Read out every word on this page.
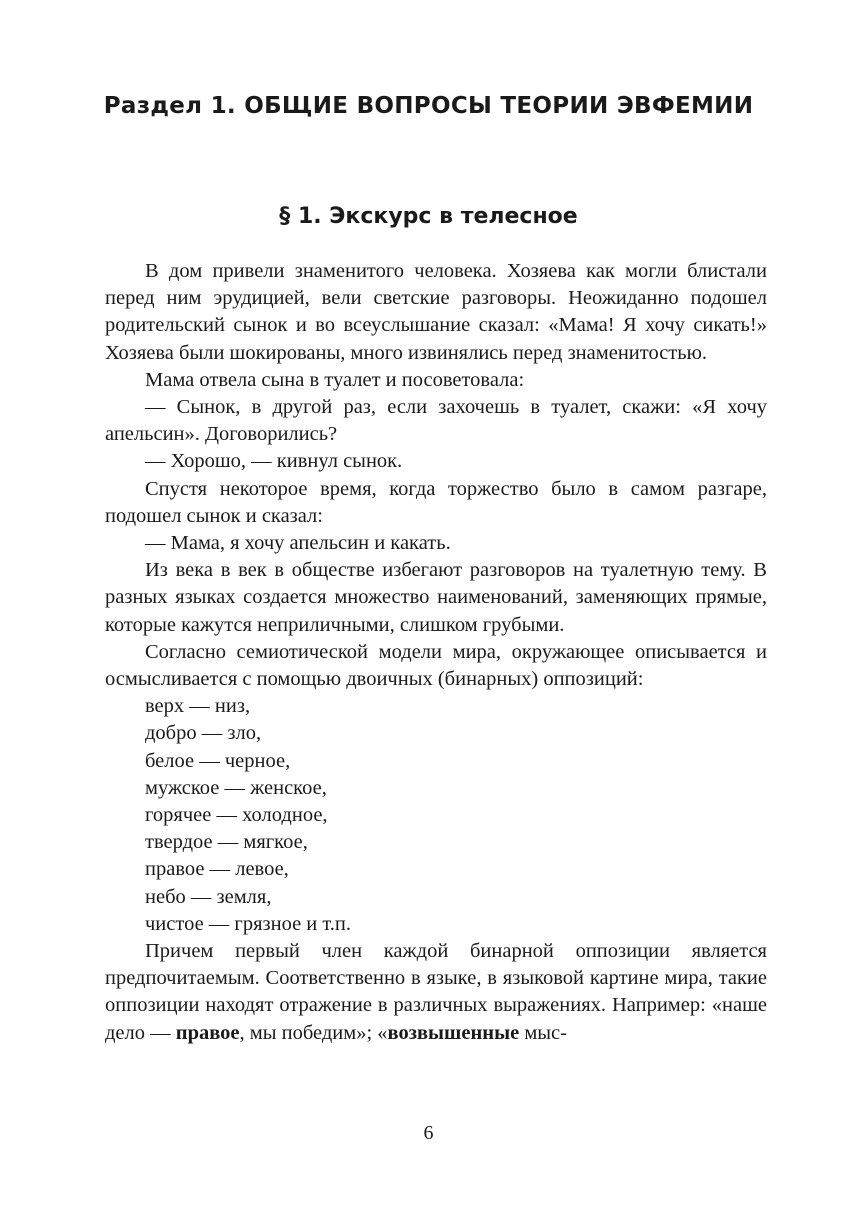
Раздел 1. ОБЩИЕ ВОПРОСЫ ТЕОРИИ ЭВФЕМИИ
§ 1. Экскурс в телесное

В дом привели знаменитого человека. Хозяева как могли блистали перед ним эрудицией, вели светские разговоры. Неожиданно подошел родительский сынок и во всеуслышание сказал: «Мама! Я хочу сикать!» Хозяева были шокированы, много извинялись перед знаменитостью.

Мама отвела сына в туалет и посоветовала:

— Сынок, в другой раз, если захочешь в туалет, скажи: «Я хочу апельсин». Договорились?

— Хорошо, — кивнул сынок.

Спустя некоторое время, когда торжество было в самом разгаре, подошел сынок и сказал:

— Мама, я хочу апельсин и какать.

Из века в век в обществе избегают разговоров на туалетную тему. В разных языках создается множество наименований, заменяющих прямые, которые кажутся неприличными, слишком грубыми.

Согласно семиотической модели мира, окружающее описывается и осмысливается с помощью двоичных (бинарных) оппозиций:

верх — низ,
добро — зло,
белое — черное,
мужское — женское,
горячее — холодное,
твердое — мягкое,
правое — левое,
небо — земля,
чистое — грязное и т.п.

Причем первый член каждой бинарной оппозиции является предпочитаемым. Соответственно в языке, в языковой картине мира, такие оппозиции находят отражение в различных выражениях. Например: «наше дело — правое, мы победим»; «возвышенные мыс-

6
